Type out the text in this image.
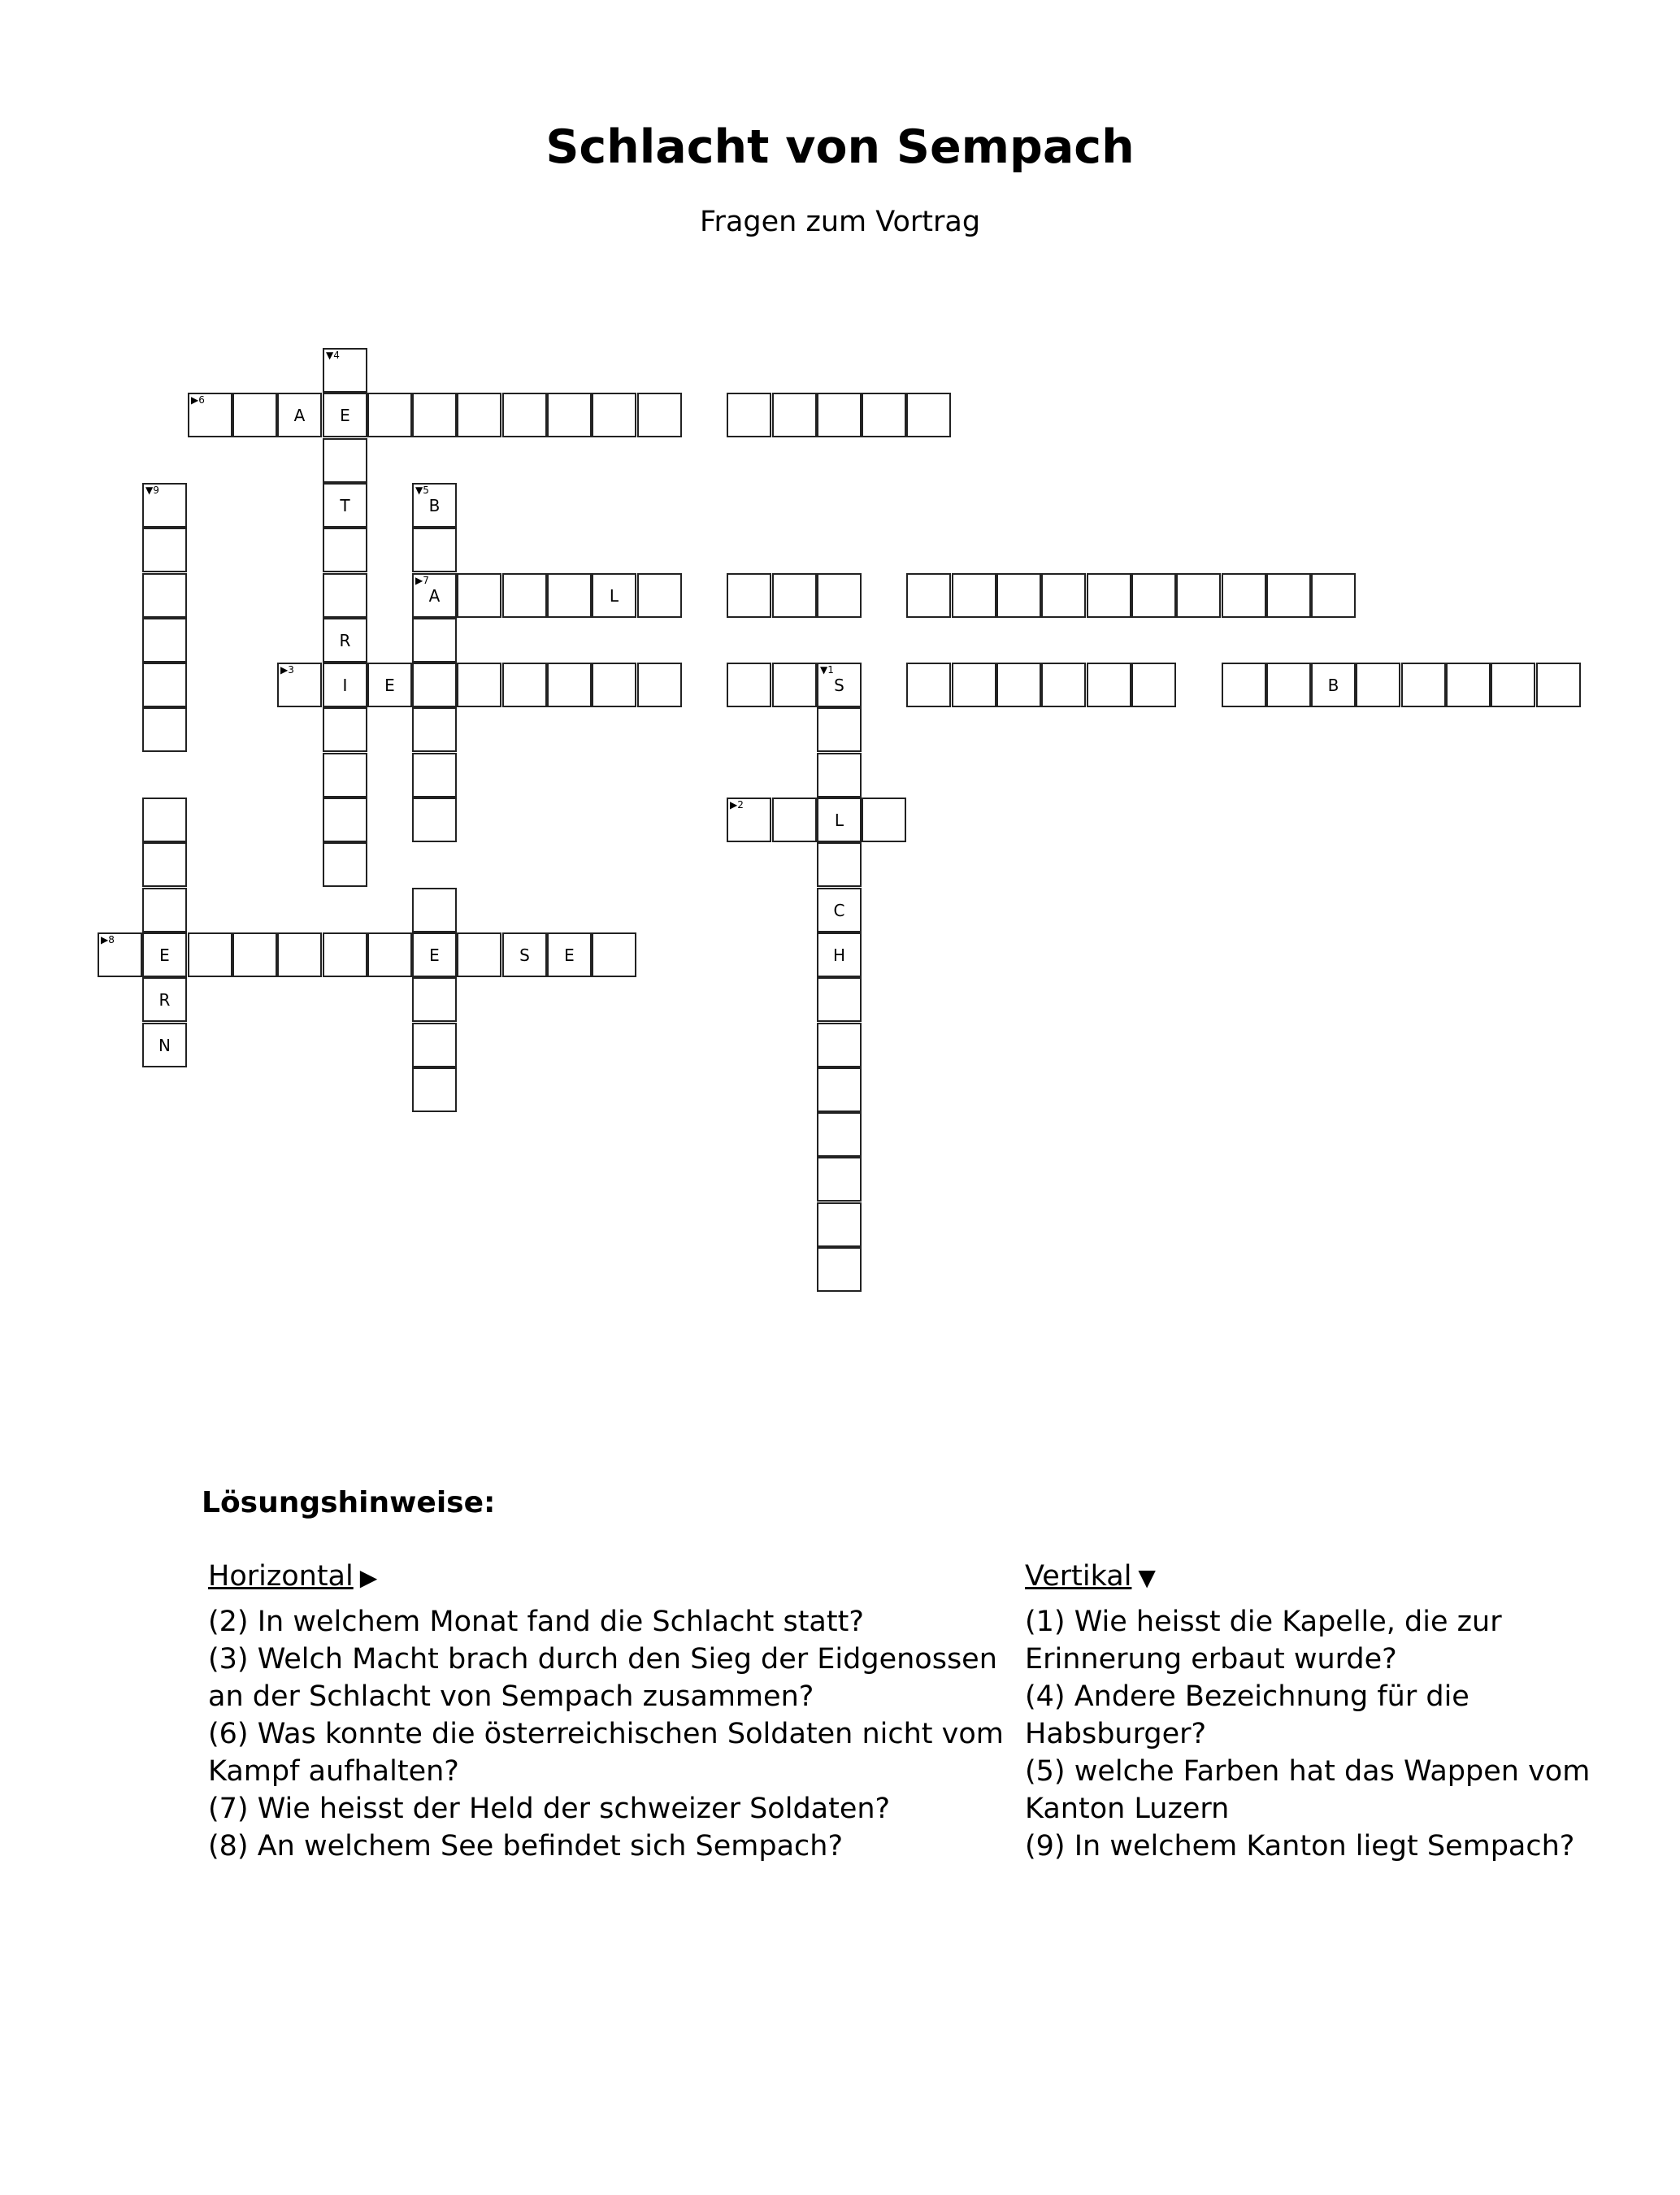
Schlacht von Sempach
Fragen zum Vortrag
▼4
▶6
A	E
▼9
T
▼5
B
▶7
A	L
R
▶3
I	E
▼1
S	B
▶2
L
C
▶8
E	E	S	E	H
R
N
Lösungshinweise:
Horizontal ▶

(2) In welchem Monat fand die Schlacht statt?

(3) Welch Macht brach durch den Sieg der Eidgenossen an der Schlacht von Sempach zusammen?

(6) Was konnte die österreichischen Soldaten nicht vom Kampf aufhalten?

(7) Wie heisst der Held der schweizer Soldaten?

(8) An welchem See befindet sich Sempach?

Vertikal ▼

(1) Wie heisst die Kapelle, die zur Erinnerung erbaut wurde?

(4) Andere Bezeichnung für die Habsburger?

(5) welche Farben hat das Wappen vom Kanton Luzern

(9) In welchem Kanton liegt Sempach?
